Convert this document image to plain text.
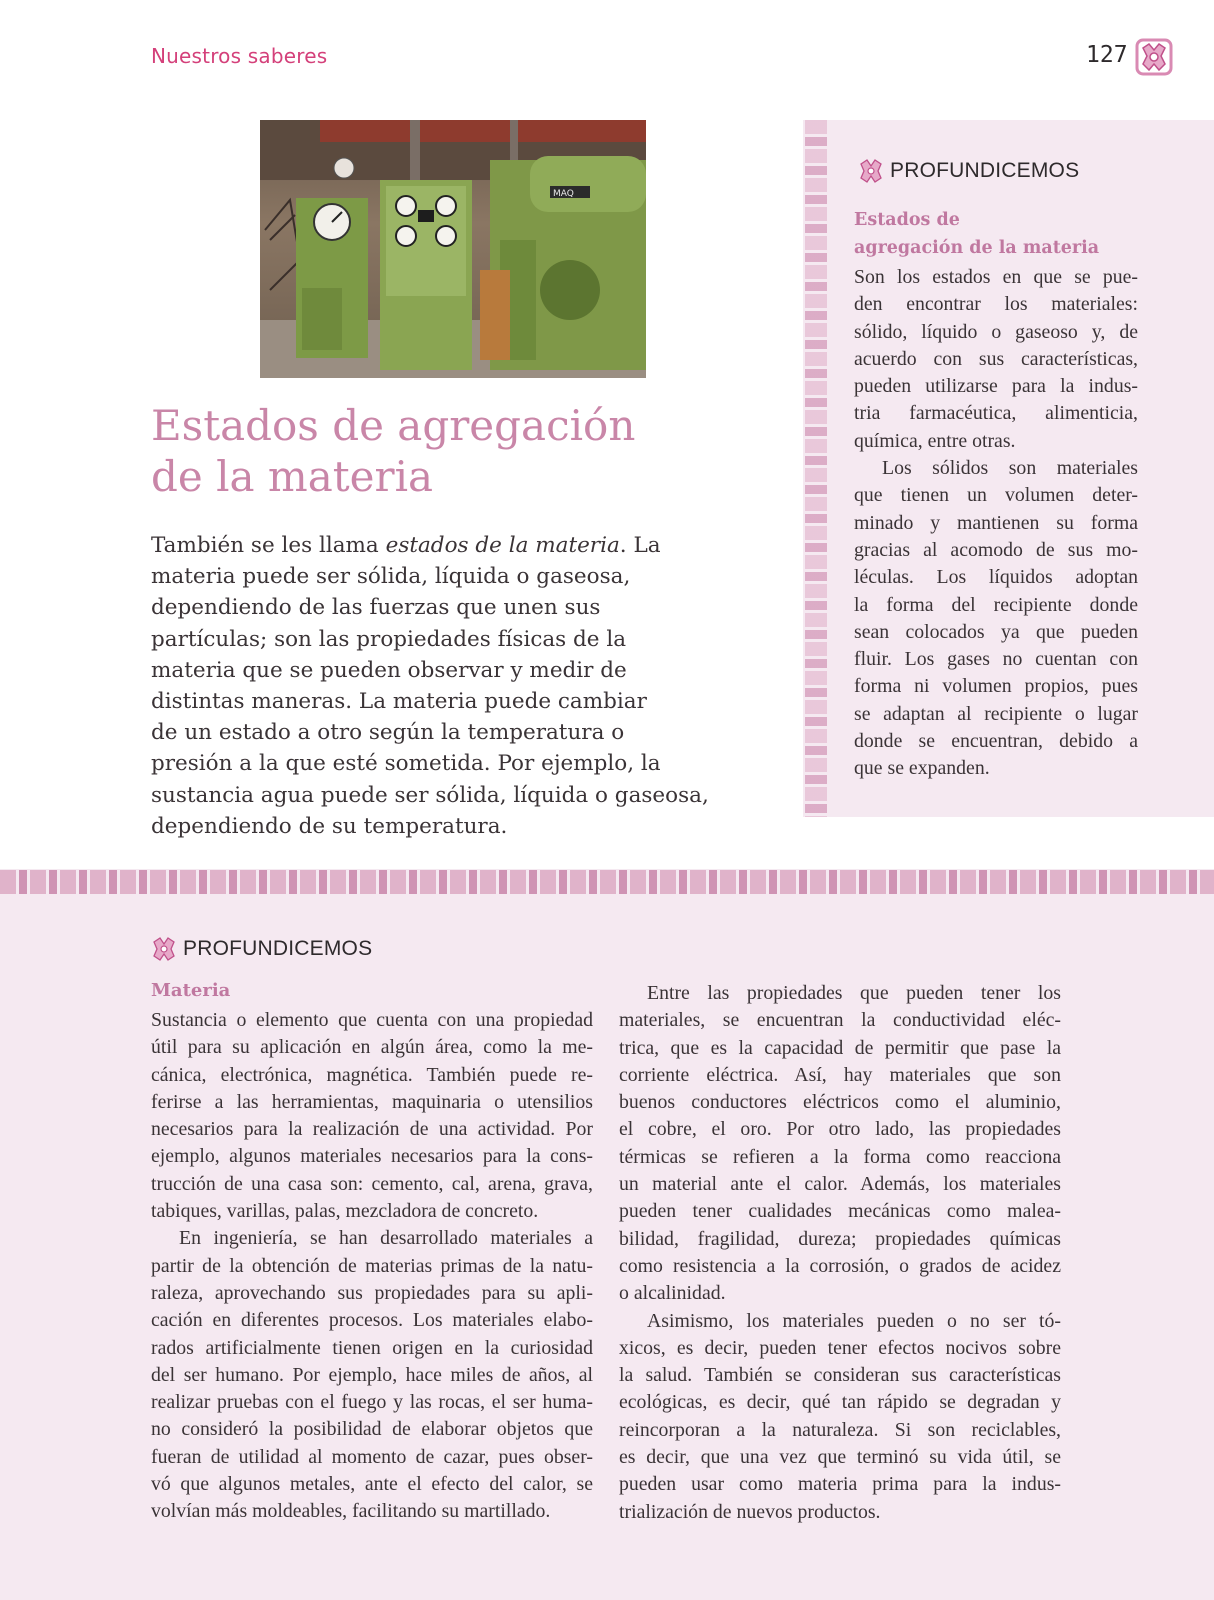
Nuestros saberes	127
MAQ
Estados de agregación
de la materia
También se les llama estados de la materia. La
materia puede ser sólida, líquida o gaseosa,
dependiendo de las fuerzas que unen sus
partículas; son las propiedades físicas de la
materia que se pueden observar y medir de
distintas maneras. La materia puede cambiar
de un estado a otro según la temperatura o
presión a la que esté sometida. Por ejemplo, la
sustancia agua puede ser sólida, líquida o gaseosa,
dependiendo de su temperatura.
PROFUNDICEMOS
Estados de
agregación de la materia
Son los estados en que se pue-
den encontrar los materiales:
sólido, líquido o gaseoso y, de
acuerdo con sus características,
pueden utilizarse para la indus-
tria farmacéutica, alimenticia,
química, entre otras.
Los sólidos son materiales
que tienen un volumen deter-
minado y mantienen su forma
gracias al acomodo de sus mo-
léculas. Los líquidos adoptan
la forma del recipiente donde
sean colocados ya que pueden
fluir. Los gases no cuentan con
forma ni volumen propios, pues
se adaptan al recipiente o lugar
donde se encuentran, debido a
que se expanden.
PROFUNDICEMOS
Materia
Sustancia o elemento que cuenta con una propiedad
útil para su aplicación en algún área, como la me-
cánica, electrónica, magnética. También puede re-
ferirse a las herramientas, maquinaria o utensilios
necesarios para la realización de una actividad. Por
ejemplo, algunos materiales necesarios para la cons-
trucción de una casa son: cemento, cal, arena, grava,
tabiques, varillas, palas, mezcladora de concreto.
En ingeniería, se han desarrollado materiales a
partir de la obtención de materias primas de la natu-
raleza, aprovechando sus propiedades para su apli-
cación en diferentes procesos. Los materiales elabo-
rados artificialmente tienen origen en la curiosidad
del ser humano. Por ejemplo, hace miles de años, al
realizar pruebas con el fuego y las rocas, el ser huma-
no consideró la posibilidad de elaborar objetos que
fueran de utilidad al momento de cazar, pues obser-
vó que algunos metales, ante el efecto del calor, se
volvían más moldeables, facilitando su martillado.
Entre las propiedades que pueden tener los
materiales, se encuentran la conductividad eléc-
trica, que es la capacidad de permitir que pase la
corriente eléctrica. Así, hay materiales que son
buenos conductores eléctricos como el aluminio,
el cobre, el oro. Por otro lado, las propiedades
térmicas se refieren a la forma como reacciona
un material ante el calor. Además, los materiales
pueden tener cualidades mecánicas como malea-
bilidad, fragilidad, dureza; propiedades químicas
como resistencia a la corrosión, o grados de acidez
o alcalinidad.
Asimismo, los materiales pueden o no ser tó-
xicos, es decir, pueden tener efectos nocivos sobre
la salud. También se consideran sus características
ecológicas, es decir, qué tan rápido se degradan y
reincorporan a la naturaleza. Si son reciclables,
es decir, que una vez que terminó su vida útil, se
pueden usar como materia prima para la indus-
trialización de nuevos productos.
